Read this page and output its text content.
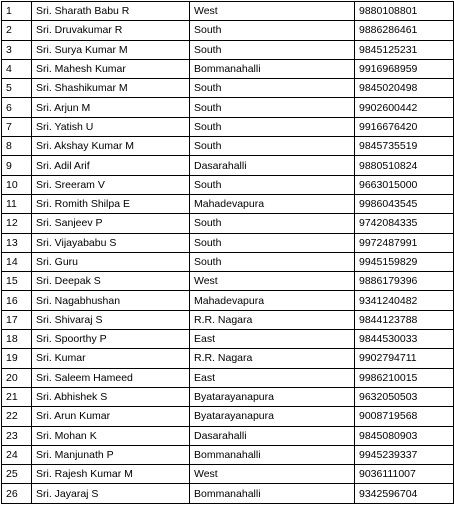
1	Sri. Sharath Babu R	West	9880108801
2	Sri. Druvakumar R	South	9886286461
3	Sri. Surya Kumar M	South	9845125231
4	Sri. Mahesh Kumar	Bommanahalli	9916968959
5	Sri. Shashikumar M	South	9845020498
6	Sri. Arjun M	South	9902600442
7	Sri. Yatish U	South	9916676420
8	Sri. Akshay Kumar M	South	9845735519
9	Sri. Adil Arif	Dasarahalli	9880510824
10	Sri. Sreeram V	South	9663015000
11	Sri. Romith Shilpa E	Mahadevapura	9986043545
12	Sri. Sanjeev P	South	9742084335
13	Sri. Vijayababu S	South	9972487991
14	Sri. Guru	South	9945159829
15	Sri. Deepak S	West	9886179396
16	Sri. Nagabhushan	Mahadevapura	9341240482
17	Sri. Shivaraj S	R.R. Nagara	9844123788
18	Sri. Spoorthy P	East	9844530033
19	Sri. Kumar	R.R. Nagara	9902794711
20	Sri. Saleem Hameed	East	9986210015
21	Sri. Abhishek S	Byatarayanapura	9632050503
22	Sri. Arun Kumar	Byatarayanapura	9008719568
23	Sri. Mohan K	Dasarahalli	9845080903
24	Sri. Manjunath P	Bommanahalli	9945239337
25	Sri. Rajesh Kumar M	West	9036111007
26	Sri. Jayaraj S	Bommanahalli	9342596704
